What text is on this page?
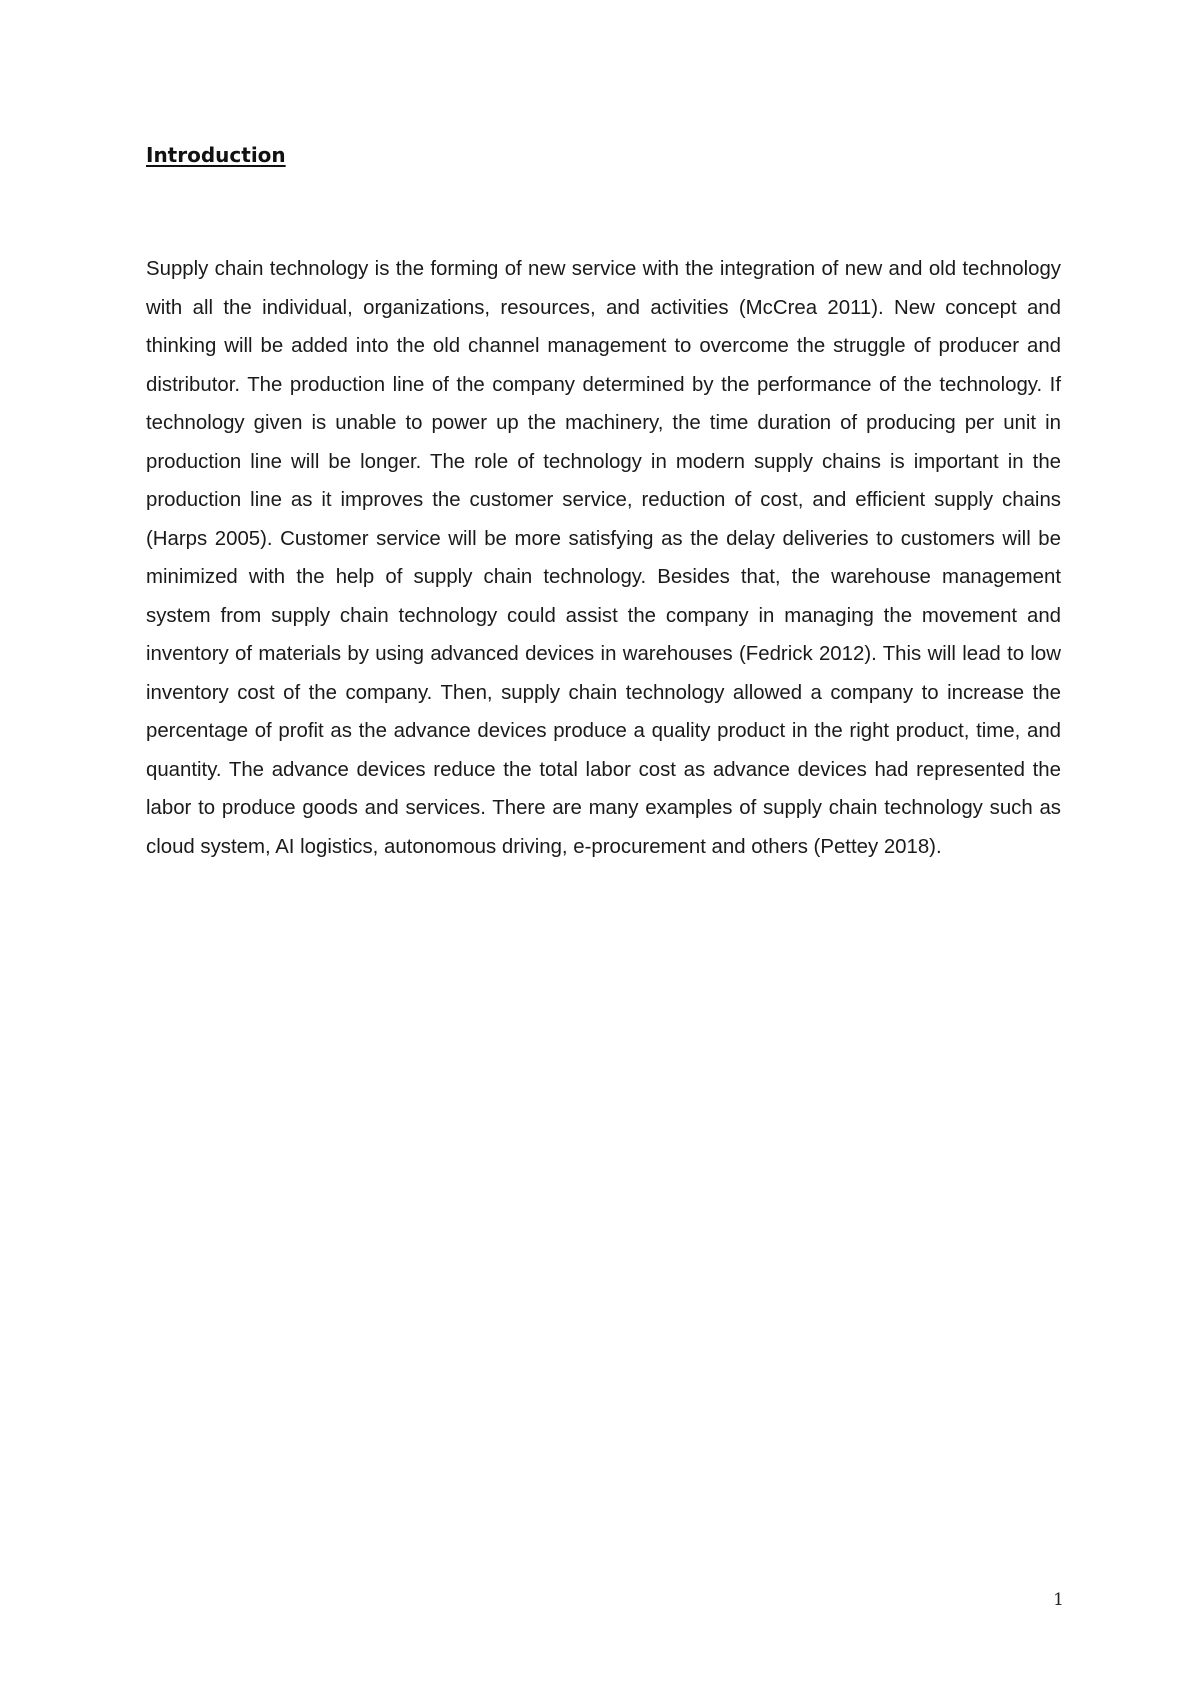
Introduction

Supply chain technology is the forming of new service with the integration of new and old technology with all the individual, organizations, resources, and activities (McCrea 2011). New concept and thinking will be added into the old channel management to overcome the struggle of producer and distributor. The production line of the company determined by the performance of the technology. If technology given is unable to power up the machinery, the time duration of producing per unit in production line will be longer. The role of technology in modern supply chains is important in the production line as it improves the customer service, reduction of cost, and efficient supply chains (Harps 2005). Customer service will be more satisfying as the delay deliveries to customers will be minimized with the help of supply chain technology. Besides that, the warehouse management system from supply chain technology could assist the company in managing the movement and inventory of materials by using advanced devices in warehouses (Fedrick 2012). This will lead to low inventory cost of the company. Then, supply chain technology allowed a company to increase the percentage of profit as the advance devices produce a quality product in the right product, time, and quantity. The advance devices reduce the total labor cost as advance devices had represented the labor to produce goods and services. There are many examples of supply chain technology such as cloud system, AI logistics, autonomous driving, e-procurement and others (Pettey 2018).

1
